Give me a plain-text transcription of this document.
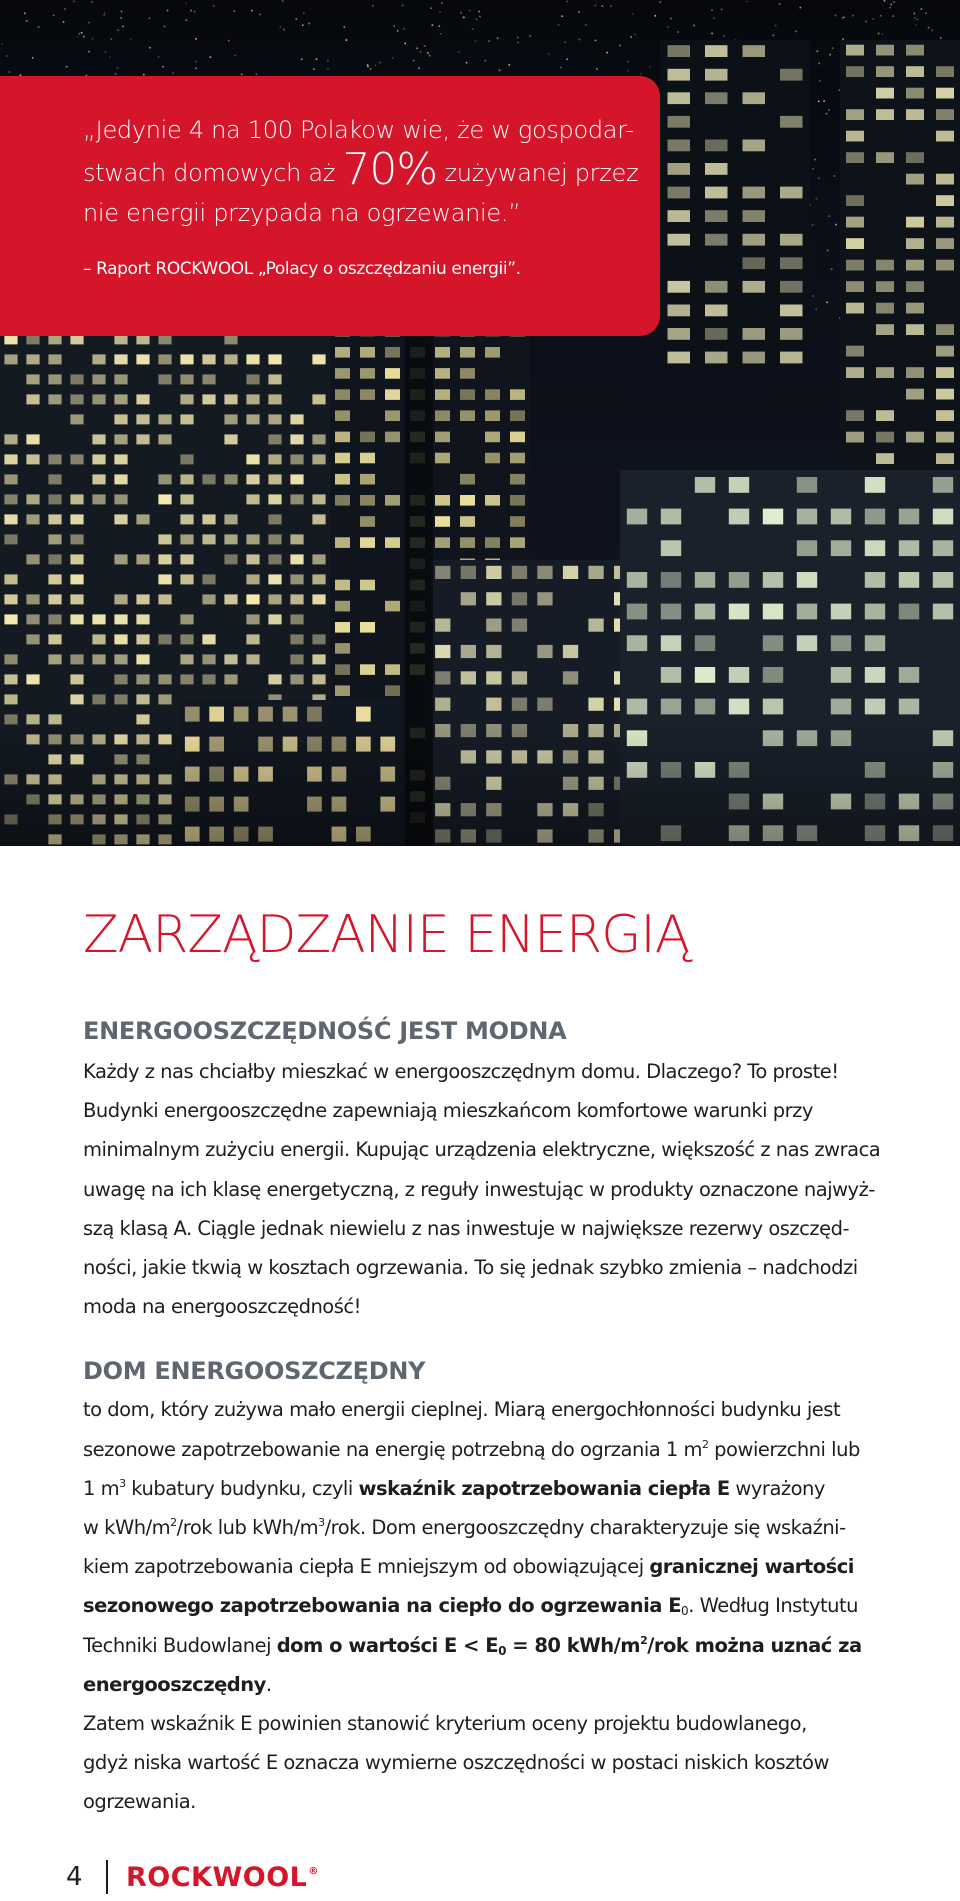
„Jedynie 4 na 100 Polakow wie, że w gospodar-
stwach domowych aż 70% zużywanej przez
nie energii przypada na ogrzewanie.”
– Raport ROCKWOOL „Polacy o oszczędzaniu energii”.
ZARZĄDZANIE ENERGIĄ
ENERGOOSZCZĘDNOŚĆ JEST MODNA
Każdy z nas chciałby mieszkać w energooszczędnym domu. Dlaczego? To proste!
Budynki energooszczędne zapewniają mieszkańcom komfortowe warunki przy
minimalnym zużyciu energii. Kupując urządzenia elektryczne, większość z nas zwraca
uwagę na ich klasę energetyczną, z reguły inwestując w produkty oznaczone najwyż-
szą klasą A. Ciągle jednak niewielu z nas inwestuje w największe rezerwy oszczęd-
ności, jakie tkwią w kosztach ogrzewania. To się jednak szybko zmienia – nadchodzi
moda na energooszczędność!
DOM ENERGOOSZCZĘDNY
to dom, który zużywa mało energii cieplnej. Miarą energochłonności budynku jest
sezonowe zapotrzebowanie na energię potrzebną do ogrzania 1 $m^2$ powierzchni lub
1 $m^3$ kubatury budynku, czyli wskaźnik zapotrzebowania ciepła E wyrażony
w kWh/$m^2$/rok lub kWh/$m^3$/rok. Dom energooszczędny charakteryzuje się wskaźni-
kiem zapotrzebowania ciepła E mniejszym od obowiązującej granicznej wartości
sezonowego zapotrzebowania na ciepło do ogrzewania $E_0$. Według Instytutu
Techniki Budowlanej dom o wartości $E < E_0 = 80$ kWh/$m^2$/rok można uznać za
energooszczędny.
Zatem wskaźnik E powinien stanowić kryterium oceny projektu budowlanego,
gdyż niska wartość E oznacza wymierne oszczędności w postaci niskich kosztów
ogrzewania.
4 ROCKWOOL®
